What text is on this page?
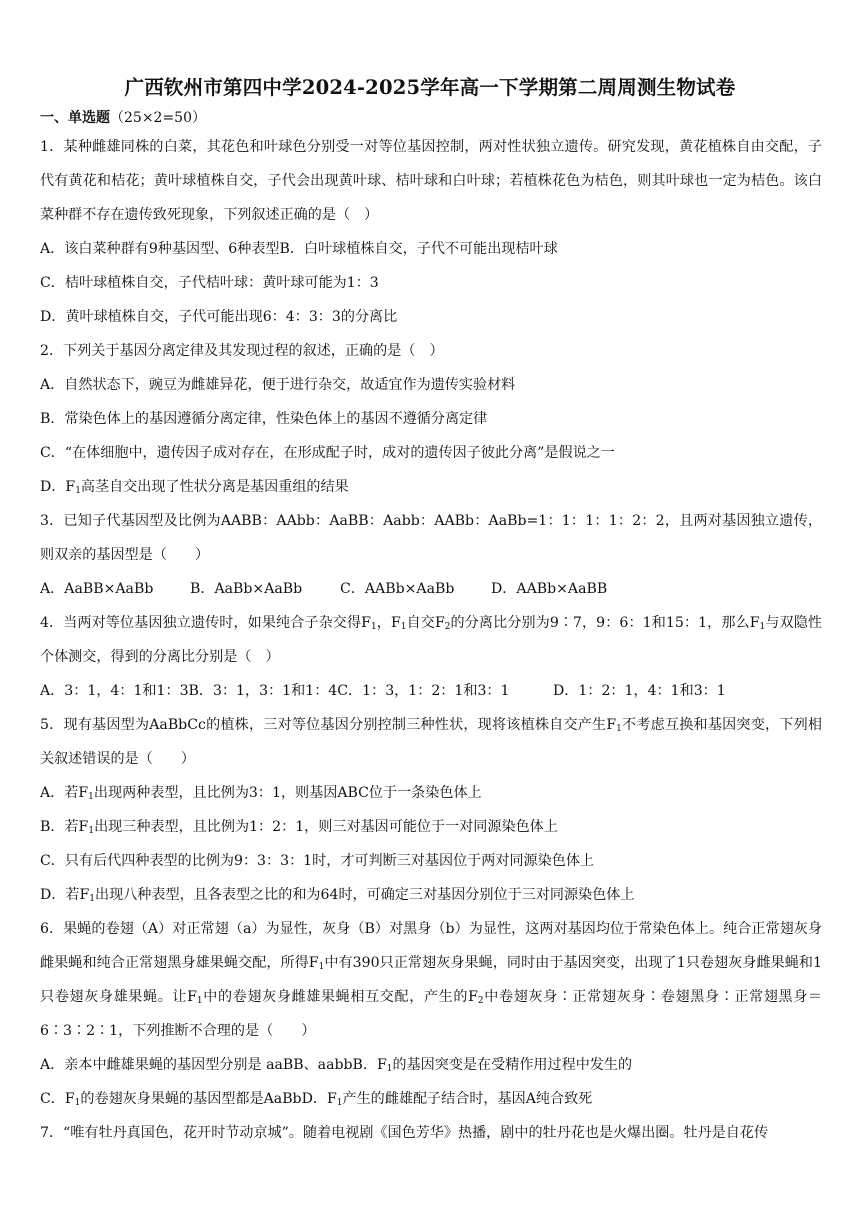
广西钦州市第四中学2024-2025学年高一下学期第二周周测生物试卷
一、单选题（25×2=50）

1．某种雌雄同株的白菜，其花色和叶球色分别受一对等位基因控制，两对性状独立遗传。研究发现，黄花植株自由交配，子代有黄花和桔花；黄叶球植株自交，子代会出现黄叶球、桔叶球和白叶球；若植株花色为桔色，则其叶球也一定为桔色。该白菜种群不存在遗传致死现象，下列叙述正确的是（　）

A．该白菜种群有9种基因型、6种表型 B．白叶球植株自交，子代不可能出现桔叶球

C．桔叶球植株自交，子代桔叶球：黄叶球可能为1：3

D．黄叶球植株自交，子代可能出现6：4：3：3的分离比

2．下列关于基因分离定律及其发现过程的叙述，正确的是（　）

A．自然状态下，豌豆为雌雄异花，便于进行杂交，故适宜作为遗传实验材料

B．常染色体上的基因遵循分离定律，性染色体上的基因不遵循分离定律

C．“在体细胞中，遗传因子成对存在，在形成配子时，成对的遗传因子彼此分离”是假说之一

D．$F_1$高茎自交出现了性状分离是基因重组的结果

3．已知子代基因型及比例为AABB：AAbb：AaBB：Aabb：AABb：AaBb=1：1：1：1：2：2，且两对基因独立遗传，则双亲的基因型是（　　）

A．AaBB×AaBb	B．AaBb×AaBb	C．AABb×AaBb	D．AABb×AaBB

4．当两对等位基因独立遗传时，如果纯合子杂交得$F_1$，$F_1$自交$F_2$的分离比分别为9∶7，9：6：1和15：1，那么$F_1$与双隐性个体测交，得到的分离比分别是（　）

A．3：1，4：1和1：3B．3：1，3：1和1：4C．1：3，1：2：1和3：1	D．1：2：1，4：1和3：1

5．现有基因型为AaBbCc的植株，三对等位基因分别控制三种性状，现将该植株自交产生$F_1$不考虑互换和基因突变，下列相关叙述错误的是（　　）

A．若$F_1$出现两种表型，且比例为3：1，则基因ABC位于一条染色体上

B．若$F_1$出现三种表型，且比例为1：2：1，则三对基因可能位于一对同源染色体上

C．只有后代四种表型的比例为9：3：3：1时，才可判断三对基因位于两对同源染色体上

D．若$F_1$出现八种表型，且各表型之比的和为64时，可确定三对基因分别位于三对同源染色体上

6．果蝇的卷翅（A）对正常翅（a）为显性，灰身（B）对黑身（b）为显性，这两对基因均位于常染色体上。纯合正常翅灰身雌果蝇和纯合正常翅黑身雄果蝇交配，所得$F_1$中有390只正常翅灰身果蝇，同时由于基因突变，出现了1只卷翅灰身雌果蝇和1只卷翅灰身雄果蝇。让$F_1$中的卷翅灰身雌雄果蝇相互交配，产生的$F_2$中卷翅灰身∶正常翅灰身∶卷翅黑身∶正常翅黑身＝6∶3∶2∶1，下列推断不合理的是（　　）

A．亲本中雌雄果蝇的基因型分别是 aaBB、aabbB．$F_1$的基因突变是在受精作用过程中发生的

C．$F_1$的卷翅灰身果蝇的基因型都是AaBbD．$F_1$产生的雌雄配子结合时，基因A纯合致死

7．“唯有牡丹真国色，花开时节动京城”。随着电视剧《国色芳华》热播，剧中的牡丹花也是火爆出圈。牡丹是自花传
